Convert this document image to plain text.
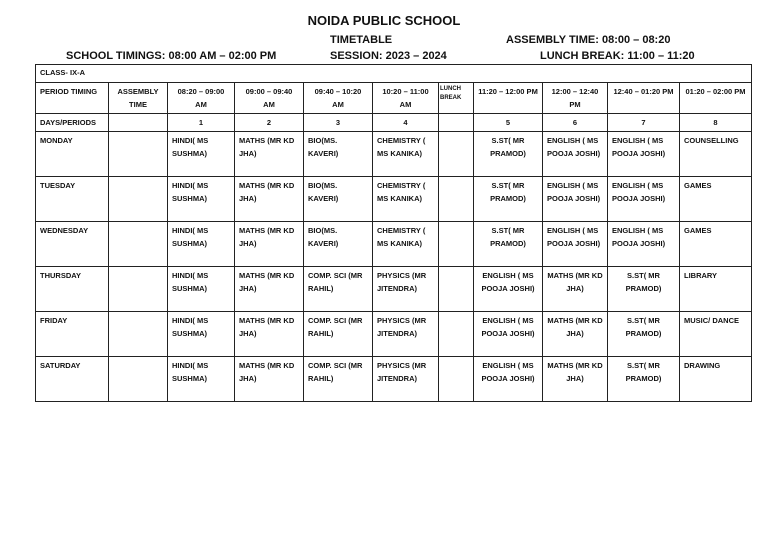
NOIDA PUBLIC SCHOOL
TIMETABLE	ASSEMBLY TIME: 08:00 – 08:20
SCHOOL TIMINGS: 08:00 AM – 02:00 PM	SESSION: 2023 – 2024	LUNCH BREAK: 11:00 – 11:20
CLASS- IX-A										
PERIOD TIMING	ASSEMBLY TIME	08:20 – 09:00 AM	09:00 – 09:40 AM	09:40 – 10:20 AM	10:20 – 11:00 AM	LUNCH BREAK	11:20 – 12:00 PM	12:00 – 12:40 PM	12:40 – 01:20 PM	01:20 – 02:00 PM
DAYS/PERIODS		1	2	3	4		5	6	7	8
MONDAY		HINDI( MS SUSHMA)	MATHS (MR KD JHA)	BIO(MS. KAVERI)	CHEMISTRY ( MS KANIKA)		S.ST( MR PRAMOD)	ENGLISH ( MS POOJA JOSHI)	ENGLISH ( MS POOJA JOSHI)	COUNSELLING
TUESDAY		HINDI( MS SUSHMA)	MATHS (MR KD JHA)	BIO(MS. KAVERI)	CHEMISTRY ( MS KANIKA)		S.ST( MR PRAMOD)	ENGLISH ( MS POOJA JOSHI)	ENGLISH ( MS POOJA JOSHI)	GAMES
WEDNESDAY		HINDI( MS SUSHMA)	MATHS (MR KD JHA)	BIO(MS. KAVERI)	CHEMISTRY ( MS KANIKA)		S.ST( MR PRAMOD)	ENGLISH ( MS POOJA JOSHI)	ENGLISH ( MS POOJA JOSHI)	GAMES
THURSDAY		HINDI( MS SUSHMA)	MATHS (MR KD JHA)	COMP. SCI (MR RAHIL)	PHYSICS (MR JITENDRA)		ENGLISH ( MS POOJA JOSHI)	MATHS (MR KD JHA)	S.ST( MR PRAMOD)	LIBRARY
FRIDAY		HINDI( MS SUSHMA)	MATHS (MR KD JHA)	COMP. SCI (MR RAHIL)	PHYSICS (MR JITENDRA)		ENGLISH ( MS POOJA JOSHI)	MATHS (MR KD JHA)	S.ST( MR PRAMOD)	MUSIC/ DANCE
SATURDAY		HINDI( MS SUSHMA)	MATHS (MR KD JHA)	COMP. SCI (MR RAHIL)	PHYSICS (MR JITENDRA)		ENGLISH ( MS POOJA JOSHI)	MATHS (MR KD JHA)	S.ST( MR PRAMOD)	DRAWING
